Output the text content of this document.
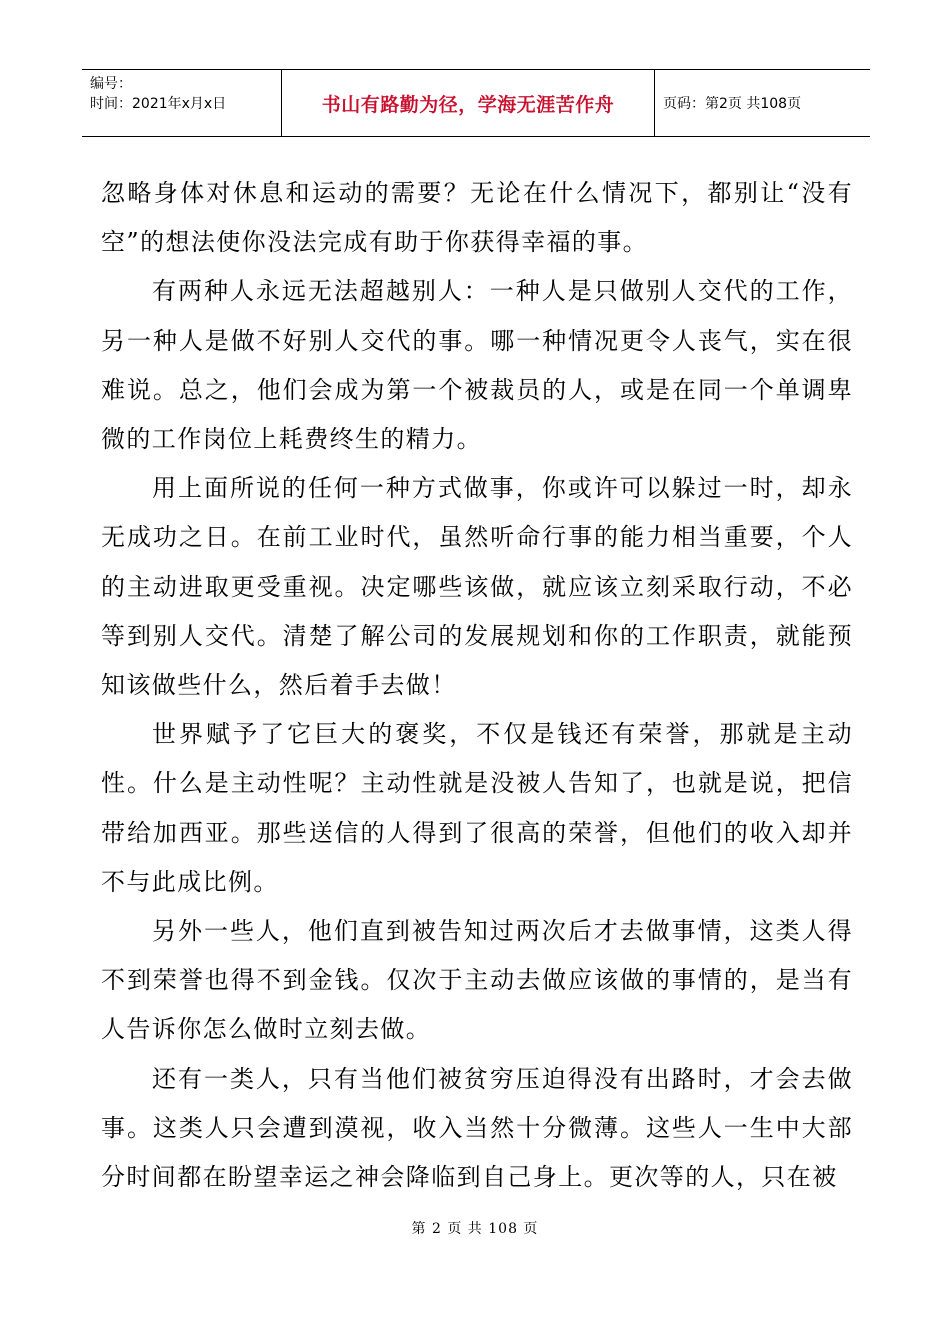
编号：
时间：2021年x月x日	书山有路勤为径，学海无涯苦作舟	页码：第2页 共108页

忽略身体对休息和运动的需要？无论在什么情况下，都别让“没有空”的想法使你没法完成有助于你获得幸福的事。

有两种人永远无法超越别人：一种人是只做别人交代的工作，另一种人是做不好别人交代的事。哪一种情况更令人丧气，实在很难说。总之，他们会成为第一个被裁员的人，或是在同一个单调卑微的工作岗位上耗费终生的精力。

用上面所说的任何一种方式做事，你或许可以躲过一时，却永无成功之日。在前工业时代，虽然听命行事的能力相当重要，个人的主动进取更受重视。决定哪些该做，就应该立刻采取行动，不必等到别人交代。清楚了解公司的发展规划和你的工作职责，就能预知该做些什么，然后着手去做！

世界赋予了它巨大的褒奖，不仅是钱还有荣誉，那就是主动性。什么是主动性呢？主动性就是没被人告知了，也就是说，把信带给加西亚。那些送信的人得到了很高的荣誉，但他们的收入却并不与此成比例。

另外一些人，他们直到被告知过两次后才去做事情，这类人得不到荣誉也得不到金钱。仅次于主动去做应该做的事情的，是当有人告诉你怎么做时立刻去做。

还有一类人，只有当他们被贫穷压迫得没有出路时，才会去做事。这类人只会遭到漠视，收入当然十分微薄。这些人一生中大部分时间都在盼望幸运之神会降临到自己身上。更次等的人，只在被

第 2 页 共 108 页
